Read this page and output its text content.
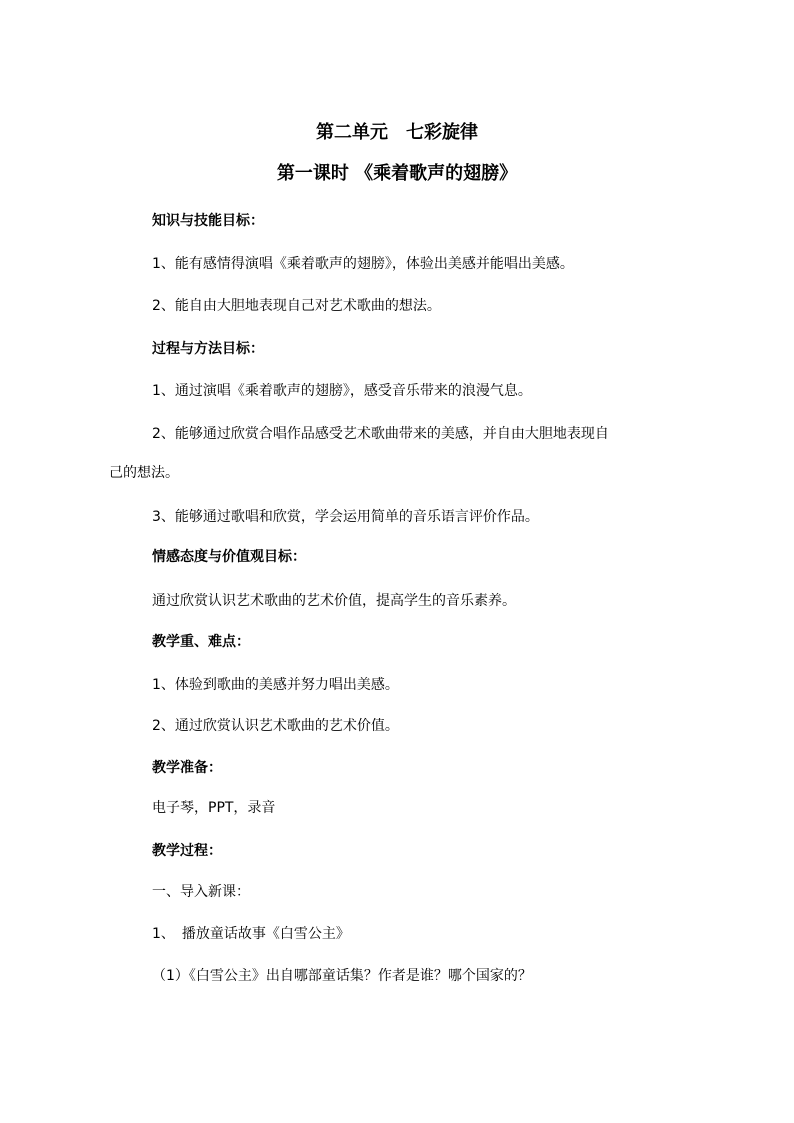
第二单元　七彩旋律
第一课时 《乘着歌声的翅膀》
知识与技能目标：
1、能有感情得演唱《乘着歌声的翅膀》，体验出美感并能唱出美感。
2、能自由大胆地表现自己对艺术歌曲的想法。
过程与方法目标：
1、通过演唱《乘着歌声的翅膀》，感受音乐带来的浪漫气息。
2、能够通过欣赏合唱作品感受艺术歌曲带来的美感，并自由大胆地表现自
己的想法。
3、能够通过歌唱和欣赏，学会运用简单的音乐语言评价作品。
情感态度与价值观目标：
通过欣赏认识艺术歌曲的艺术价值，提高学生的音乐素养。
教学重、难点：
1、体验到歌曲的美感并努力唱出美感。
2、通过欣赏认识艺术歌曲的艺术价值。
教学准备：
电子琴，PPT，录音
教学过程：
一、导入新课：
1、　播放童话故事《白雪公主》
（1）《白雪公主》出自哪部童话集？作者是谁？哪个国家的？
